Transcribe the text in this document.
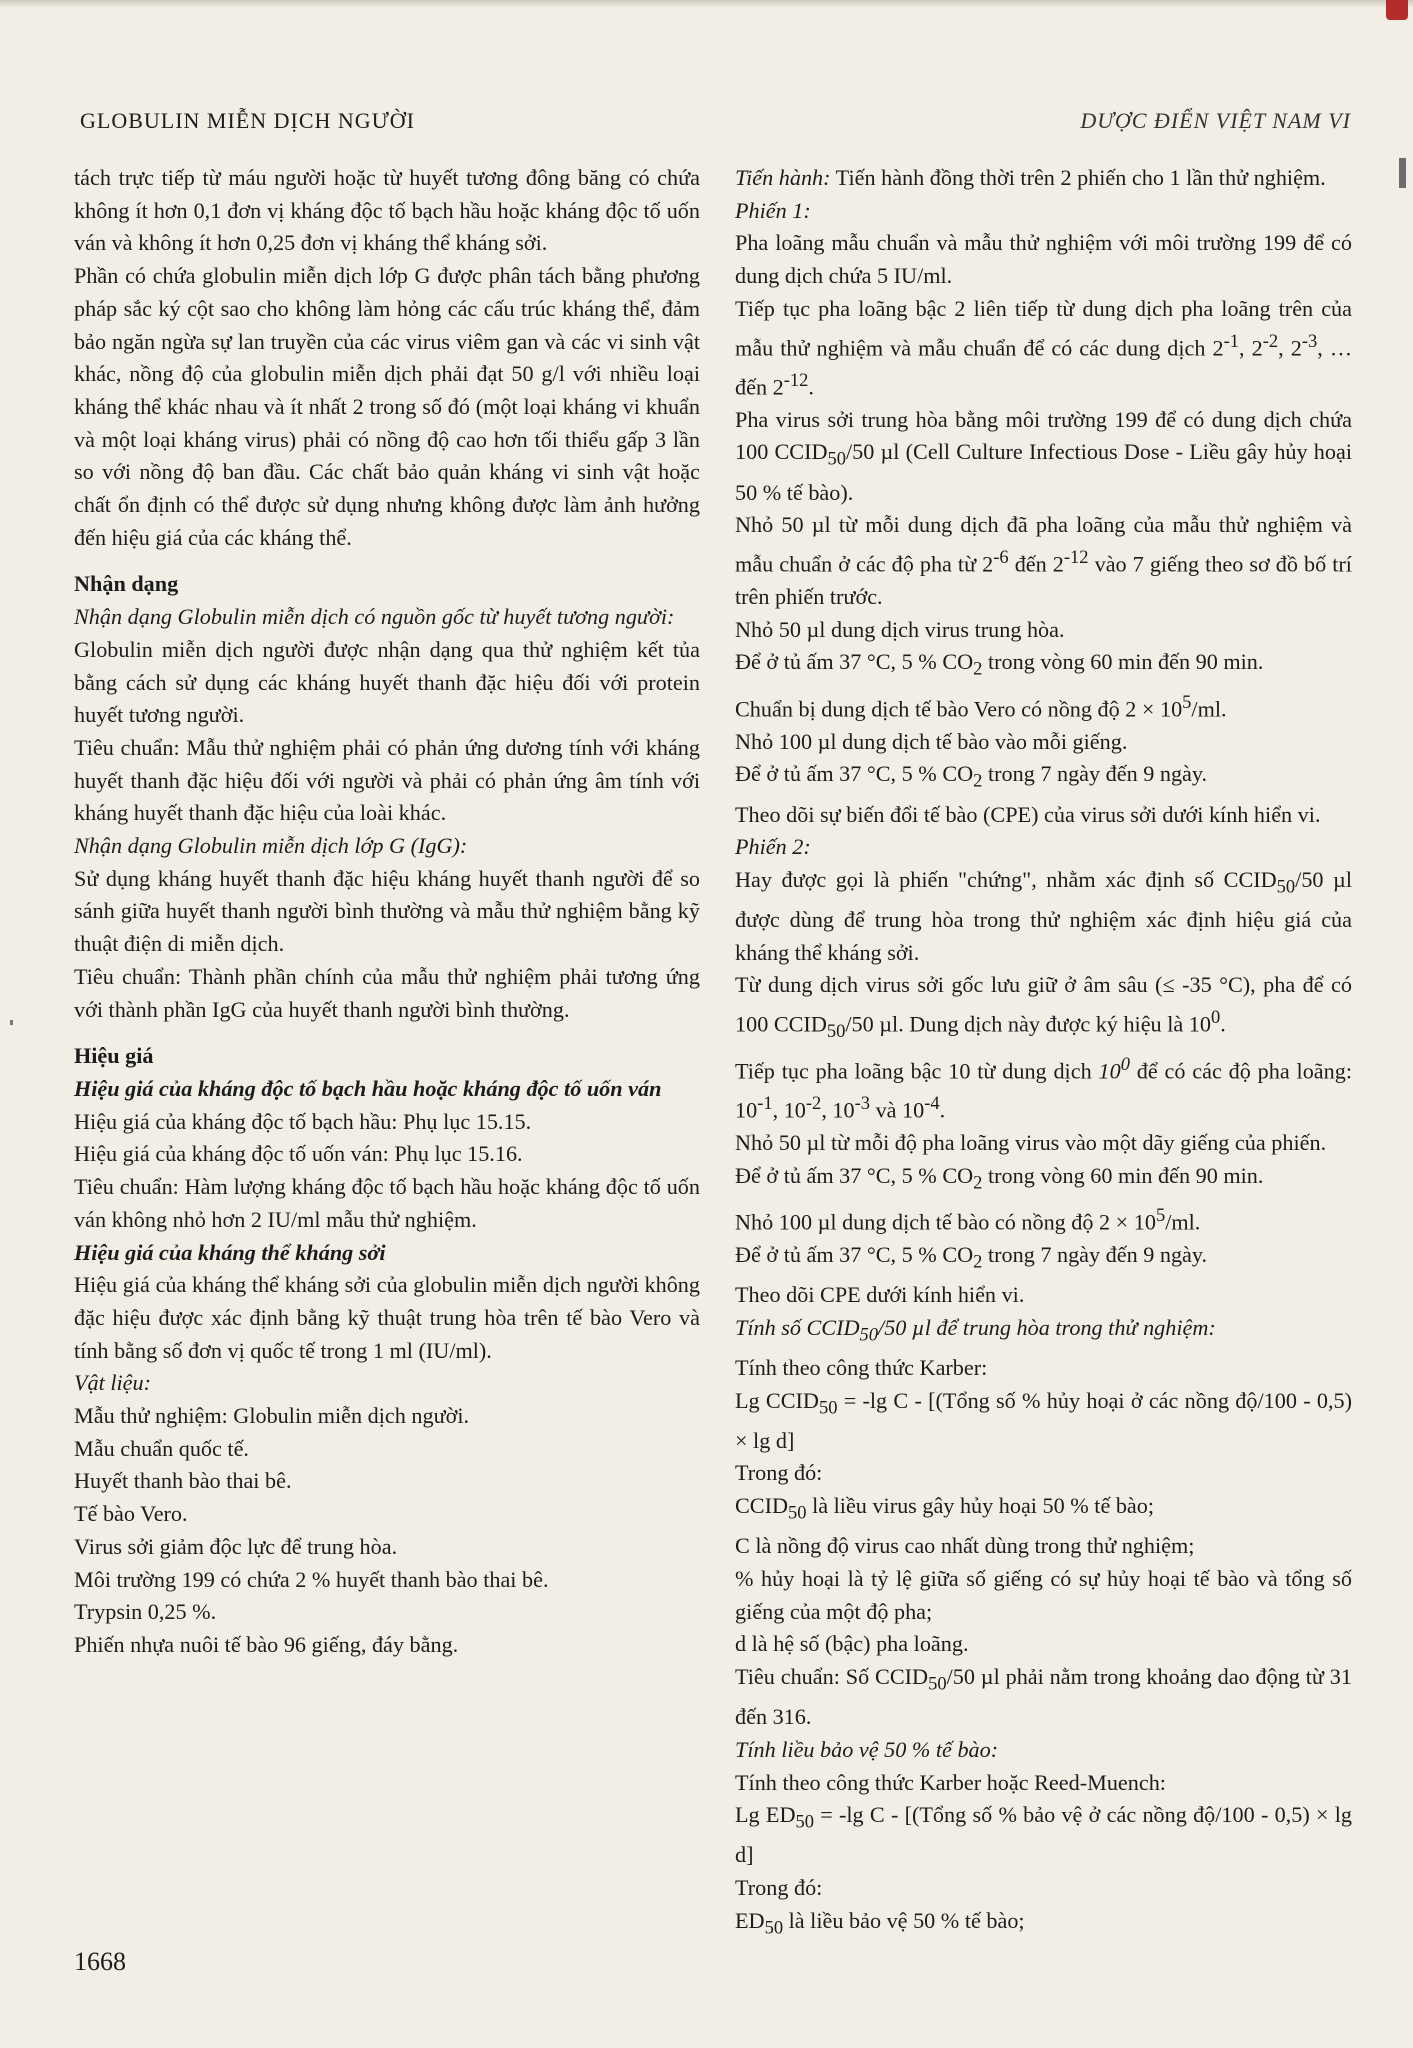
GLOBULIN MIỄN DỊCH NGƯỜI	DƯỢC ĐIỂN VIỆT NAM VI

tách trực tiếp từ máu người hoặc từ huyết tương đông băng có chứa không ít hơn 0,1 đơn vị kháng độc tố bạch hầu hoặc kháng độc tố uốn ván và không ít hơn 0,25 đơn vị kháng thể kháng sởi.

Phần có chứa globulin miễn dịch lớp G được phân tách bằng phương pháp sắc ký cột sao cho không làm hỏng các cấu trúc kháng thể, đảm bảo ngăn ngừa sự lan truyền của các virus viêm gan và các vi sinh vật khác, nồng độ của globulin miễn dịch phải đạt 50 g/l với nhiều loại kháng thể khác nhau và ít nhất 2 trong số đó (một loại kháng vi khuẩn và một loại kháng virus) phải có nồng độ cao hơn tối thiểu gấp 3 lần so với nồng độ ban đầu. Các chất bảo quản kháng vi sinh vật hoặc chất ổn định có thể được sử dụng nhưng không được làm ảnh hưởng đến hiệu giá của các kháng thể.

Nhận dạng

Nhận dạng Globulin miễn dịch có nguồn gốc từ huyết tương người:

Globulin miễn dịch người được nhận dạng qua thử nghiệm kết tủa bằng cách sử dụng các kháng huyết thanh đặc hiệu đối với protein huyết tương người.

Tiêu chuẩn: Mẫu thử nghiệm phải có phản ứng dương tính với kháng huyết thanh đặc hiệu đối với người và phải có phản ứng âm tính với kháng huyết thanh đặc hiệu của loài khác.

Nhận dạng Globulin miễn dịch lớp G (IgG):

Sử dụng kháng huyết thanh đặc hiệu kháng huyết thanh người để so sánh giữa huyết thanh người bình thường và mẫu thử nghiệm bằng kỹ thuật điện di miễn dịch.

Tiêu chuẩn: Thành phần chính của mẫu thử nghiệm phải tương ứng với thành phần IgG của huyết thanh người bình thường.

Hiệu giá

Hiệu giá của kháng độc tố bạch hầu hoặc kháng độc tố uốn ván

Hiệu giá của kháng độc tố bạch hầu: Phụ lục 15.15.

Hiệu giá của kháng độc tố uốn ván: Phụ lục 15.16.

Tiêu chuẩn: Hàm lượng kháng độc tố bạch hầu hoặc kháng độc tố uốn ván không nhỏ hơn 2 IU/ml mẫu thử nghiệm.

Hiệu giá của kháng thể kháng sởi

Hiệu giá của kháng thể kháng sởi của globulin miễn dịch người không đặc hiệu được xác định bằng kỹ thuật trung hòa trên tế bào Vero và tính bằng số đơn vị quốc tế trong 1 ml (IU/ml).

Vật liệu:

Mẫu thử nghiệm: Globulin miễn dịch người.

Mẫu chuẩn quốc tế.

Huyết thanh bào thai bê.

Tế bào Vero.

Virus sởi giảm độc lực để trung hòa.

Môi trường 199 có chứa 2 % huyết thanh bào thai bê.

Trypsin 0,25 %.

Phiến nhựa nuôi tế bào 96 giếng, đáy bằng.

Tiến hành: Tiến hành đồng thời trên 2 phiến cho 1 lần thử nghiệm.

Phiến 1:

Pha loãng mẫu chuẩn và mẫu thử nghiệm với môi trường 199 để có dung dịch chứa 5 IU/ml.

Tiếp tục pha loãng bậc 2 liên tiếp từ dung dịch pha loãng trên của mẫu thử nghiệm và mẫu chuẩn để có các dung dịch $2^{-1}$, $2^{-2}$, $2^{-3}$, … đến $2^{-12}$.

Pha virus sởi trung hòa bằng môi trường 199 để có dung dịch chứa 100 $CCID_{50}/50$ µl (Cell Culture Infectious Dose - Liều gây hủy hoại 50 % tế bào).

Nhỏ 50 µl từ mỗi dung dịch đã pha loãng của mẫu thử nghiệm và mẫu chuẩn ở các độ pha từ $2^{-6}$ đến $2^{-12}$ vào 7 giếng theo sơ đồ bố trí trên phiến trước.

Nhỏ 50 µl dung dịch virus trung hòa.

Để ở tủ ấm 37 °C, 5 % $CO_2$ trong vòng 60 min đến 90 min.

Chuẩn bị dung dịch tế bào Vero có nồng độ $2 \times 10^5/ml$.

Nhỏ 100 µl dung dịch tế bào vào mỗi giếng.

Để ở tủ ấm 37 °C, 5 % $CO_2$ trong 7 ngày đến 9 ngày.

Theo dõi sự biến đổi tế bào (CPE) của virus sởi dưới kính hiển vi.

Phiến 2:

Hay được gọi là phiến "chứng", nhằm xác định số $CCID_{50}/50$ µl được dùng để trung hòa trong thử nghiệm xác định hiệu giá của kháng thể kháng sởi.

Từ dung dịch virus sởi gốc lưu giữ ở âm sâu (≤ -35 °C), pha để có 100 $CCID_{50}/50$ µl. Dung dịch này được ký hiệu là $10^0$.

Tiếp tục pha loãng bậc 10 từ dung dịch $10^0$ để có các độ pha loãng: $10^{-1}$, $10^{-2}$, $10^{-3}$ và $10^{-4}$.

Nhỏ 50 µl từ mỗi độ pha loãng virus vào một dãy giếng của phiến.

Để ở tủ ấm 37 °C, 5 % $CO_2$ trong vòng 60 min đến 90 min.

Nhỏ 100 µl dung dịch tế bào có nồng độ $2 \times 10^5/ml$.

Để ở tủ ấm 37 °C, 5 % $CO_2$ trong 7 ngày đến 9 ngày.

Theo dõi CPE dưới kính hiển vi.

Tính số $CCID_{50}/50$ µl để trung hòa trong thử nghiệm:

Tính theo công thức Karber:

Lg $CCID_{50} = -\lg$ C - [(Tổng số % hủy hoại ở các nồng độ/100 - 0,5) × lg d]

Trong đó:

$CCID_{50}$ là liều virus gây hủy hoại 50 % tế bào;

C là nồng độ virus cao nhất dùng trong thử nghiệm;

% hủy hoại là tỷ lệ giữa số giếng có sự hủy hoại tế bào và tổng số giếng của một độ pha;

d là hệ số (bậc) pha loãng.

Tiêu chuẩn: Số $CCID_{50}/50$ µl phải nằm trong khoảng dao động từ 31 đến 316.

Tính liều bảo vệ 50 % tế bào:

Tính theo công thức Karber hoặc Reed-Muench:

Lg $ED_{50} = -\lg$ C - [(Tổng số % bảo vệ ở các nồng độ/100 - 0,5) × lg d]

Trong đó:

$ED_{50}$ là liều bảo vệ 50 % tế bào;

1668
